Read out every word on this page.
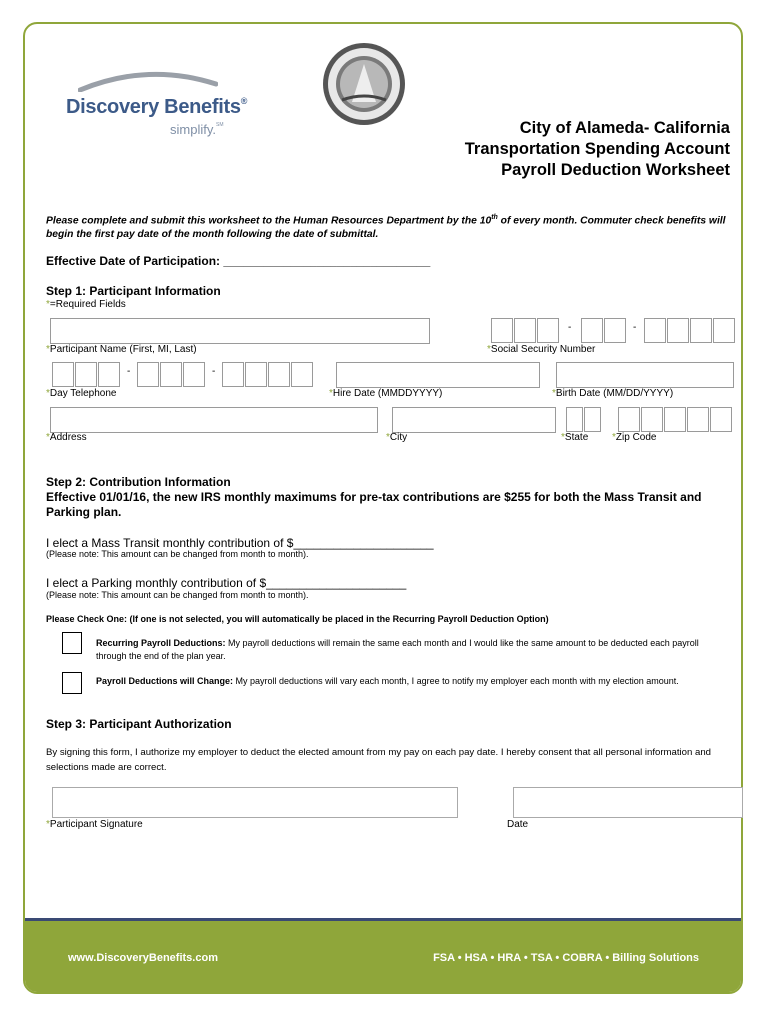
Discovery Benefits®
simplify.℠	City of Alameda- California
Transportation Spending Account
Payroll Deduction Worksheet
Please complete and submit this worksheet to the Human Resources Department by the 10th of every month. Commuter check benefits will begin the first pay date of the month following the date of submittal.
Effective Date of Participation: _______________________________
Step 1: Participant Information
*=Required Fields
-	-
*Participant Name (First, MI, Last)	*Social Security Number
-	-
*Day Telephone	*Hire Date (MMDDYYYY)	*Birth Date (MM/DD/YYYY)
*Address	*City	*State *Zip Code
Step 2: Contribution Information
Effective 01/01/16, the new IRS monthly maximums for pre-tax contributions are $255 for both the Mass Transit and Parking plan.
I elect a Mass Transit monthly contribution of $_____________________
(Please note: This amount can be changed from month to month).
I elect a Parking monthly contribution of $_____________________
(Please note: This amount can be changed from month to month).
Please Check One: (If one is not selected, you will automatically be placed in the Recurring Payroll Deduction Option)
Recurring Payroll Deductions: My payroll deductions will remain the same each month and I would like the same amount to be deducted each payroll through the end of the plan year.
Payroll Deductions will Change: My payroll deductions will vary each month, I agree to notify my employer each month with my election amount.
Step 3: Participant Authorization
By signing this form, I authorize my employer to deduct the elected amount from my pay on each pay date. I hereby consent that all personal information and selections made are correct.
*Participant Signature	Date
www.DiscoveryBenefits.com	FSA • HSA • HRA • TSA • COBRA • Billing Solutions
